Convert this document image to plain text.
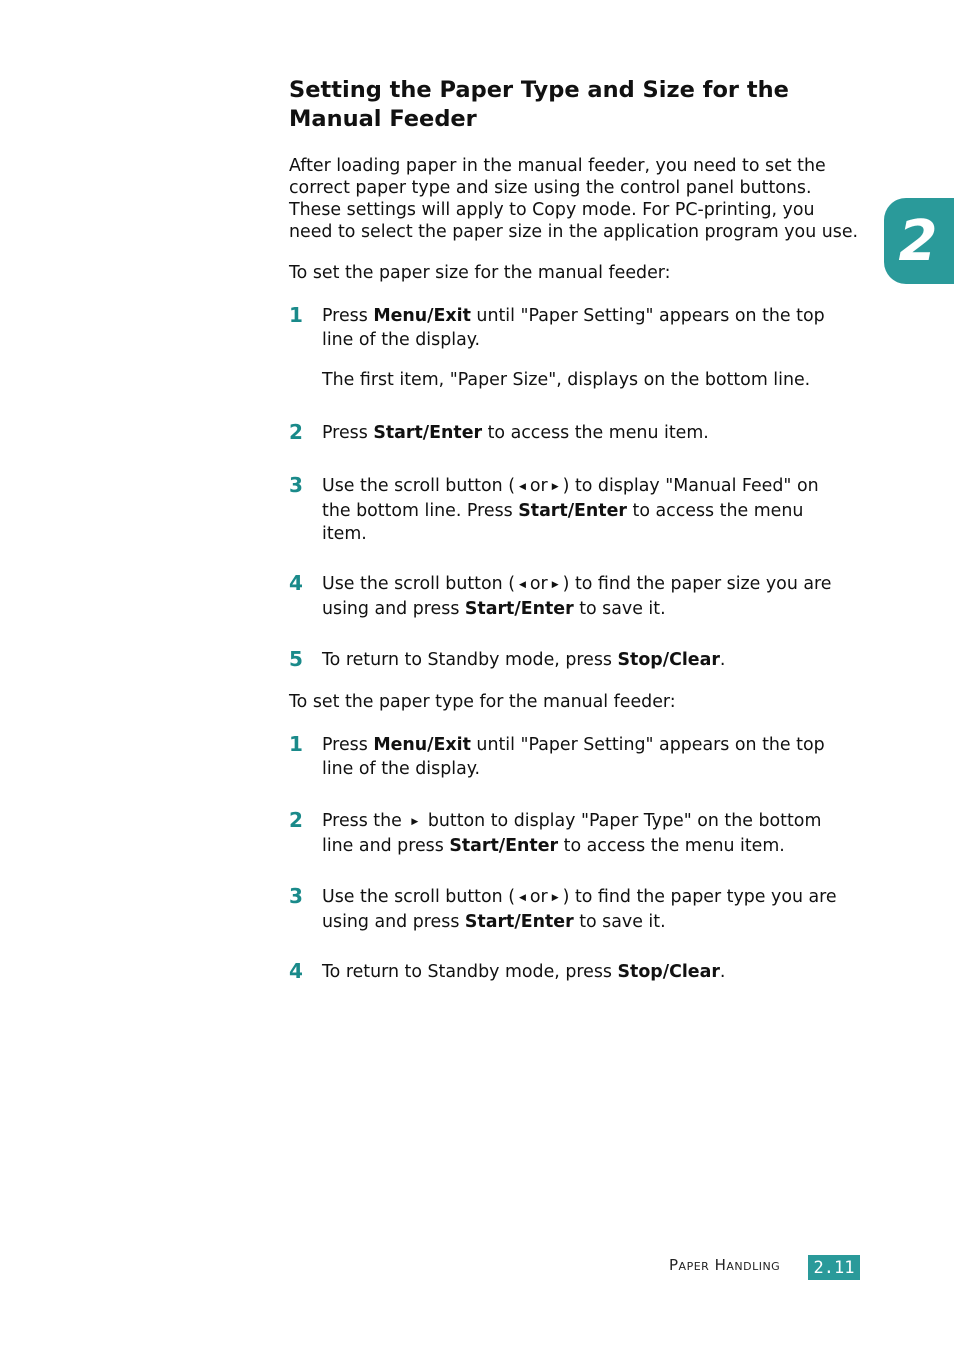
2
Setting the Paper Type and Size for the Manual Feeder

After loading paper in the manual feeder, you need to set the correct paper type and size using the control panel buttons. These settings will apply to Copy mode. For PC-printing, you need to select the paper size in the application program you use.

To set the paper size for the manual feeder:

1 Press Menu/Exit until "Paper Setting" appears on the top line of the display.

The first item, "Paper Size", displays on the bottom line.

2 Press Start/Enter to access the menu item.

3 Use the scroll button ( ◀ or ▶ ) to display "Manual Feed" on the bottom line. Press Start/Enter to access the menu item.

4 Use the scroll button ( ◀ or ▶ ) to find the paper size you are using and press Start/Enter to save it.

5 To return to Standby mode, press Stop/Clear.

To set the paper type for the manual feeder:

1 Press Menu/Exit until "Paper Setting" appears on the top line of the display.

2 Press the ▶ button to display "Paper Type" on the bottom line and press Start/Enter to access the menu item.

3 Use the scroll button ( ◀ or ▶ ) to find the paper type you are using and press Start/Enter to save it.

4 To return to Standby mode, press Stop/Clear.

Paper Handling	2.11
